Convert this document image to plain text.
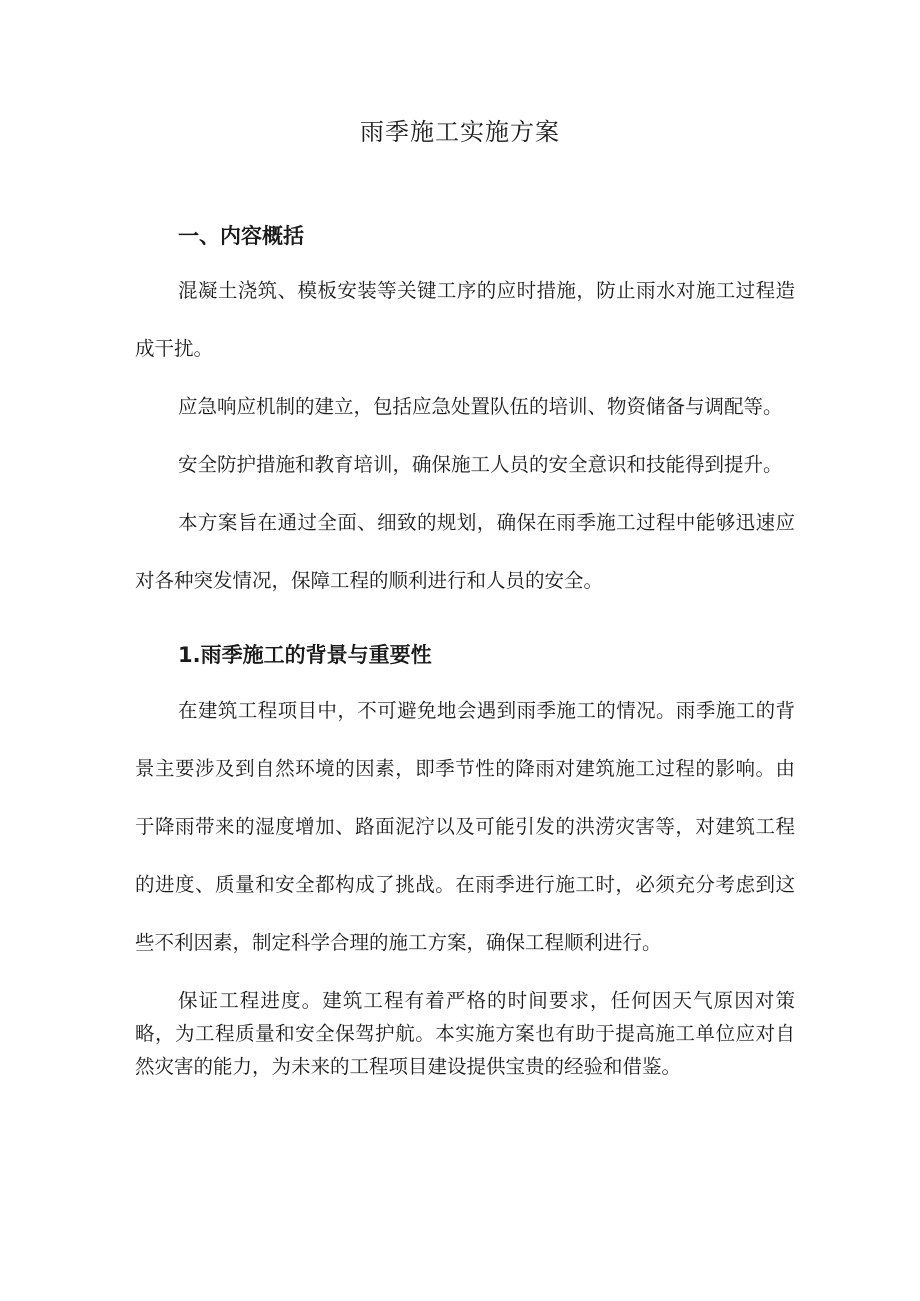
雨季施工实施方案
一、内容概括

混凝土浇筑、模板安装等关键工序的应时措施，防止雨水对施工过程造成干扰。

应急响应机制的建立，包括应急处置队伍的培训、物资储备与调配等。

安全防护措施和教育培训，确保施工人员的安全意识和技能得到提升。

本方案旨在通过全面、细致的规划，确保在雨季施工过程中能够迅速应对各种突发情况，保障工程的顺利进行和人员的安全。

1.雨季施工的背景与重要性

在建筑工程项目中，不可避免地会遇到雨季施工的情况。雨季施工的背景主要涉及到自然环境的因素，即季节性的降雨对建筑施工过程的影响。由于降雨带来的湿度增加、路面泥泞以及可能引发的洪涝灾害等，对建筑工程的进度、质量和安全都构成了挑战。在雨季进行施工时，必须充分考虑到这些不利因素，制定科学合理的施工方案，确保工程顺利进行。

保证工程进度。建筑工程有着严格的时间要求，任何因天气原因对策略，为工程质量和安全保驾护航。本实施方案也有助于提高施工单位应对自然灾害的能力，为未来的工程项目建设提供宝贵的经验和借鉴。
